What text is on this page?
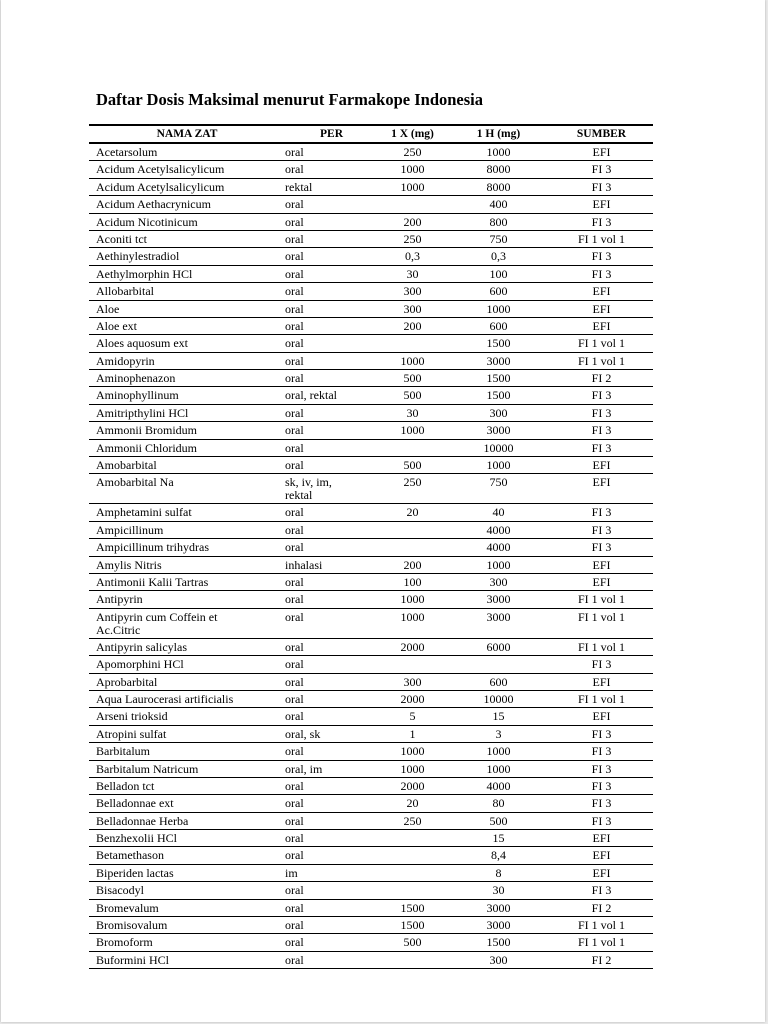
Daftar Dosis Maksimal menurut Farmakope Indonesia
NAMA ZAT	PER	1 X (mg)	1 H (mg)	SUMBER
Acetarsolum	oral	250	1000	EFI
Acidum Acetylsalicylicum	oral	1000	8000	FI 3
Acidum Acetylsalicylicum	rektal	1000	8000	FI 3
Acidum Aethacrynicum	oral		400	EFI
Acidum Nicotinicum	oral	200	800	FI 3
Aconiti tct	oral	250	750	FI 1 vol 1
Aethinylestradiol	oral	0,3	0,3	FI 3
Aethylmorphin HCl	oral	30	100	FI 3
Allobarbital	oral	300	600	EFI
Aloe	oral	300	1000	EFI
Aloe ext	oral	200	600	EFI
Aloes aquosum ext	oral		1500	FI 1 vol 1
Amidopyrin	oral	1000	3000	FI 1 vol 1
Aminophenazon	oral	500	1500	FI 2
Aminophyllinum	oral, rektal	500	1500	FI 3
Amitripthylini HCl	oral	30	300	FI 3
Ammonii Bromidum	oral	1000	3000	FI 3
Ammonii Chloridum	oral		10000	FI 3
Amobarbital	oral	500	1000	EFI
Amobarbital Na	sk, iv, im, rektal	250	750	EFI
Amphetamini sulfat	oral	20	40	FI 3
Ampicillinum	oral		4000	FI 3
Ampicillinum trihydras	oral		4000	FI 3
Amylis Nitris	inhalasi	200	1000	EFI
Antimonii Kalii Tartras	oral	100	300	EFI
Antipyrin	oral	1000	3000	FI 1 vol 1
Antipyrin cum Coffein et Ac.Citric	oral	1000	3000	FI 1 vol 1
Antipyrin salicylas	oral	2000	6000	FI 1 vol 1
Apomorphini HCl	oral			FI 3
Aprobarbital	oral	300	600	EFI
Aqua Laurocerasi artificialis	oral	2000	10000	FI 1 vol 1
Arseni trioksid	oral	5	15	EFI
Atropini sulfat	oral, sk	1	3	FI 3
Barbitalum	oral	1000	1000	FI 3
Barbitalum Natricum	oral, im	1000	1000	FI 3
Belladon tct	oral	2000	4000	FI 3
Belladonnae ext	oral	20	80	FI 3
Belladonnae Herba	oral	250	500	FI 3
Benzhexolii HCl	oral		15	EFI
Betamethason	oral		8,4	EFI
Biperiden lactas	im		8	EFI
Bisacodyl	oral		30	FI 3
Bromevalum	oral	1500	3000	FI 2
Bromisovalum	oral	1500	3000	FI 1 vol 1
Bromoform	oral	500	1500	FI 1 vol 1
Buformini HCl	oral		300	FI 2
